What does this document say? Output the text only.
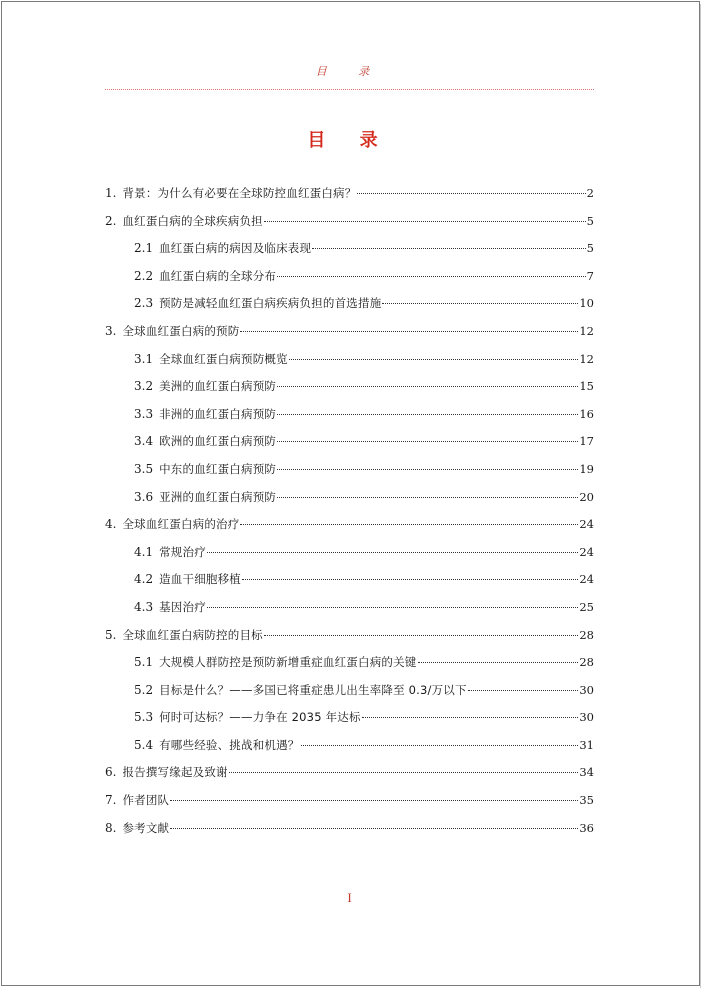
目 录
目 录
1. 背景：为什么有必要在全球防控血红蛋白病？	2
2. 血红蛋白病的全球疾病负担	5
2.1 血红蛋白病的病因及临床表现	5
2.2 血红蛋白病的全球分布	7
2.3 预防是减轻血红蛋白病疾病负担的首选措施	10
3. 全球血红蛋白病的预防	12
3.1 全球血红蛋白病预防概览	12
3.2 美洲的血红蛋白病预防	15
3.3 非洲的血红蛋白病预防	16
3.4 欧洲的血红蛋白病预防	17
3.5 中东的血红蛋白病预防	19
3.6 亚洲的血红蛋白病预防	20
4. 全球血红蛋白病的治疗	24
4.1 常规治疗	24
4.2 造血干细胞移植	24
4.3 基因治疗	25
5. 全球血红蛋白病防控的目标	28
5.1 大规模人群防控是预防新增重症血红蛋白病的关键	28
5.2 目标是什么？——多国已将重症患儿出生率降至 0.3/万以下	30
5.3 何时可达标？——力争在 2035 年达标	30
5.4 有哪些经验、挑战和机遇？	31
6. 报告撰写缘起及致谢	34
7. 作者团队	35
8. 参考文献	36
I
